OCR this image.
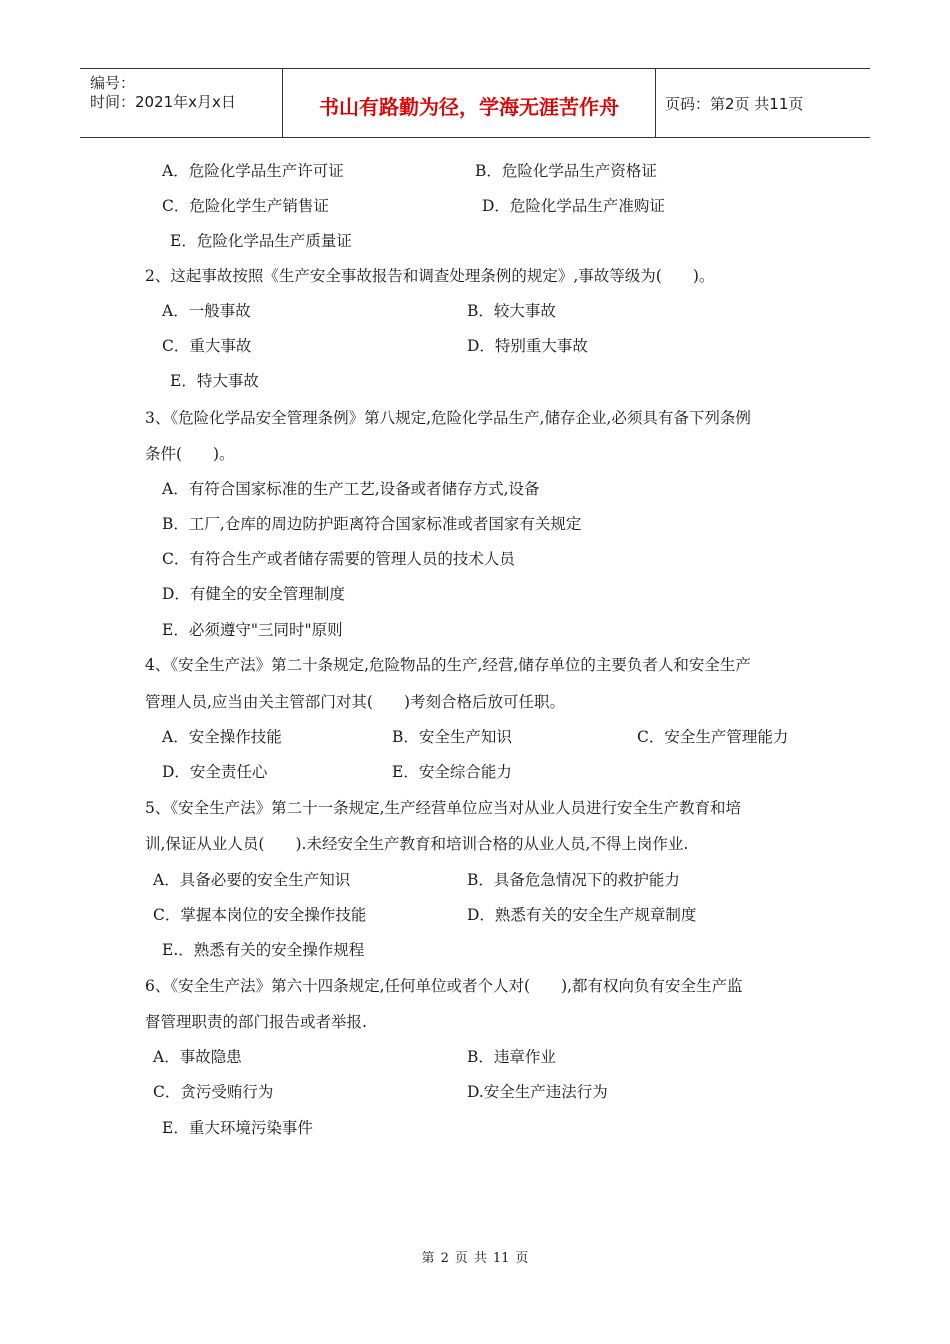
编号：
时间：2021年x月x日	书山有路勤为径，学海无涯苦作舟	页码：第2页 共11页
A．危险化学品生产许可证	B．危险化学品生产资格证
C．危险化学生产销售证	D．危险化学品生产准购证
E．危险化学品生产质量证
2、这起事故按照《生产安全事故报告和调查处理条例的规定》,事故等级为(　　)。
A．一般事故	B．较大事故
C．重大事故	D．特别重大事故
E．特大事故
3、《危险化学品安全管理条例》第八规定,危险化学品生产,储存企业,必须具有备下列条例
条件(　　)。
A．有符合国家标准的生产工艺,设备或者储存方式,设备
B．工厂,仓库的周边防护距离符合国家标准或者国家有关规定
C．有符合生产或者储存需要的管理人员的技术人员
D．有健全的安全管理制度
E．必须遵守"三同时"原则
4、《安全生产法》第二十条规定,危险物品的生产,经营,储存单位的主要负者人和安全生产
管理人员,应当由关主管部门对其(　　)考刻合格后放可任职。
A．安全操作技能	B．安全生产知识	C．安全生产管理能力
D．安全责任心	E．安全综合能力
5、《安全生产法》第二十一条规定,生产经营单位应当对从业人员进行安全生产教育和培
训,保证从业人员(　　).未经安全生产教育和培训合格的从业人员,不得上岗作业.
A．具备必要的安全生产知识	B．具备危急情况下的救护能力
C．掌握本岗位的安全操作技能	D．熟悉有关的安全生产规章制度
E.．熟悉有关的安全操作规程
6、《安全生产法》第六十四条规定,任何单位或者个人对(　　),都有权向负有安全生产监
督管理职责的部门报告或者举报.
A．事故隐患	B．违章作业
C．贪污受贿行为	D.安全生产违法行为
E．重大环境污染事件
第 2 页 共 11 页
